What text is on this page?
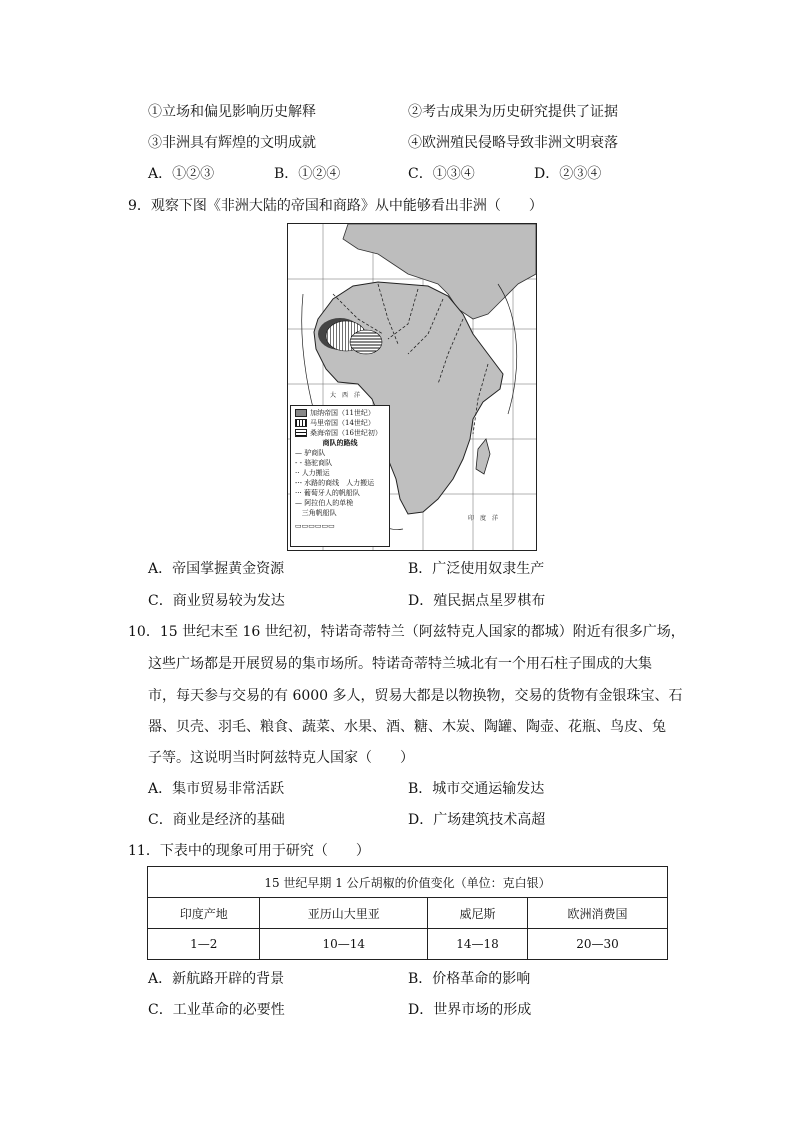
①立场和偏见影响历史解释	②考古成果为历史研究提供了证据
③非洲具有辉煌的文明成就	④欧洲殖民侵略导致非洲文明衰落
A．①②③	B．①②④	C．①③④	D．②③④
9．观察下图《非洲大陆的帝国和商路》从中能够看出非洲（　　）
大　西　洋
印　度　洋
加纳帝国（11世纪）
马里帝国（14世纪）
桑海帝国（16世纪初）
商队的路线
— 驴商队
- - 骆驼商队
·· 人力搬运
-·- 水路的商线　人力搬运
··· 葡萄牙人的帆船队
— 阿拉伯人的单桅
三角帆船队
▭▭▭▭▭▭
A．帝国掌握黄金资源	B．广泛使用奴隶生产
C．商业贸易较为发达	D．殖民据点星罗棋布
10．15 世纪末至 16 世纪初，特诺奇蒂特兰（阿兹特克人国家的都城）附近有很多广场，
这些广场都是开展贸易的集市场所。特诺奇蒂特兰城北有一个用石柱子围成的大集
市，每天参与交易的有 6000 多人，贸易大都是以物换物，交易的货物有金银珠宝、石
器、贝壳、羽毛、粮食、蔬菜、水果、酒、糖、木炭、陶罐、陶壶、花瓶、鸟皮、兔
子等。这说明当时阿兹特克人国家（　　）
A．集市贸易非常活跃	B．城市交通运输发达
C．商业是经济的基础	D．广场建筑技术高超
11．下表中的现象可用于研究（　　）
15 世纪早期 1 公斤胡椒的价值变化（单位：克白银）			
印度产地	亚历山大里亚	威尼斯	欧洲消费国
1—2	10—14	14—18	20—30
A．新航路开辟的背景	B．价格革命的影响
C．工业革命的必要性	D．世界市场的形成
